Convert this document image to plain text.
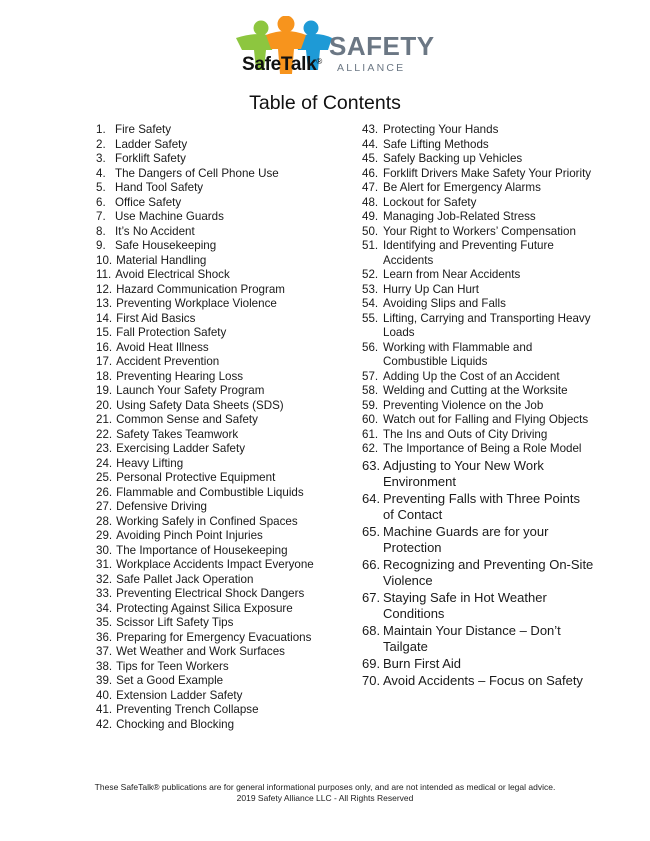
SafeTalk®
SAFETY
ALLIANCE
Table of Contents
1. Fire Safety
2. Ladder Safety
3. Forklift Safety
4. The Dangers of Cell Phone Use
5. Hand Tool Safety
6. Office Safety
7. Use Machine Guards
8. It’s No Accident
9. Safe Housekeeping
10. Material Handling
11. Avoid Electrical Shock
12. Hazard Communication Program
13. Preventing Workplace Violence
14. First Aid Basics
15. Fall Protection Safety
16. Avoid Heat Illness
17. Accident Prevention
18. Preventing Hearing Loss
19. Launch Your Safety Program
20. Using Safety Data Sheets (SDS)
21. Common Sense and Safety
22. Safety Takes Teamwork
23. Exercising Ladder Safety
24. Heavy Lifting
25. Personal Protective Equipment
26. Flammable and Combustible Liquids
27. Defensive Driving
28. Working Safely in Confined Spaces
29. Avoiding Pinch Point Injuries
30. The Importance of Housekeeping
31. Workplace Accidents Impact Everyone
32. Safe Pallet Jack Operation
33. Preventing Electrical Shock Dangers
34. Protecting Against Silica Exposure
35. Scissor Lift Safety Tips
36. Preparing for Emergency Evacuations
37. Wet Weather and Work Surfaces
38. Tips for Teen Workers
39. Set a Good Example
40. Extension Ladder Safety
41. Preventing Trench Collapse
42. Chocking and Blocking
43. Protecting Your Hands
44. Safe Lifting Methods
45. Safely Backing up Vehicles
46. Forklift Drivers Make Safety Your Priority
47. Be Alert for Emergency Alarms
48. Lockout for Safety
49. Managing Job-Related Stress
50. Your Right to Workers’ Compensation
51. Identifying and Preventing Future Accidents
52. Learn from Near Accidents
53. Hurry Up Can Hurt
54. Avoiding Slips and Falls
55. Lifting, Carrying and Transporting Heavy Loads
56. Working with Flammable and Combustible Liquids
57. Adding Up the Cost of an Accident
58. Welding and Cutting at the Worksite
59. Preventing Violence on the Job
60. Watch out for Falling and Flying Objects
61. The Ins and Outs of City Driving
62. The Importance of Being a Role Model
63. Adjusting to Your New Work Environment
64. Preventing Falls with Three Points of Contact
65. Machine Guards are for your Protection
66. Recognizing and Preventing On-Site Violence
67. Staying Safe in Hot Weather Conditions
68. Maintain Your Distance – Don’t Tailgate
69. Burn First Aid
70. Avoid Accidents – Focus on Safety
These SafeTalk® publications are for general informational purposes only, and are not intended as medical or legal advice.
2019 Safety Alliance LLC - All Rights Reserved
